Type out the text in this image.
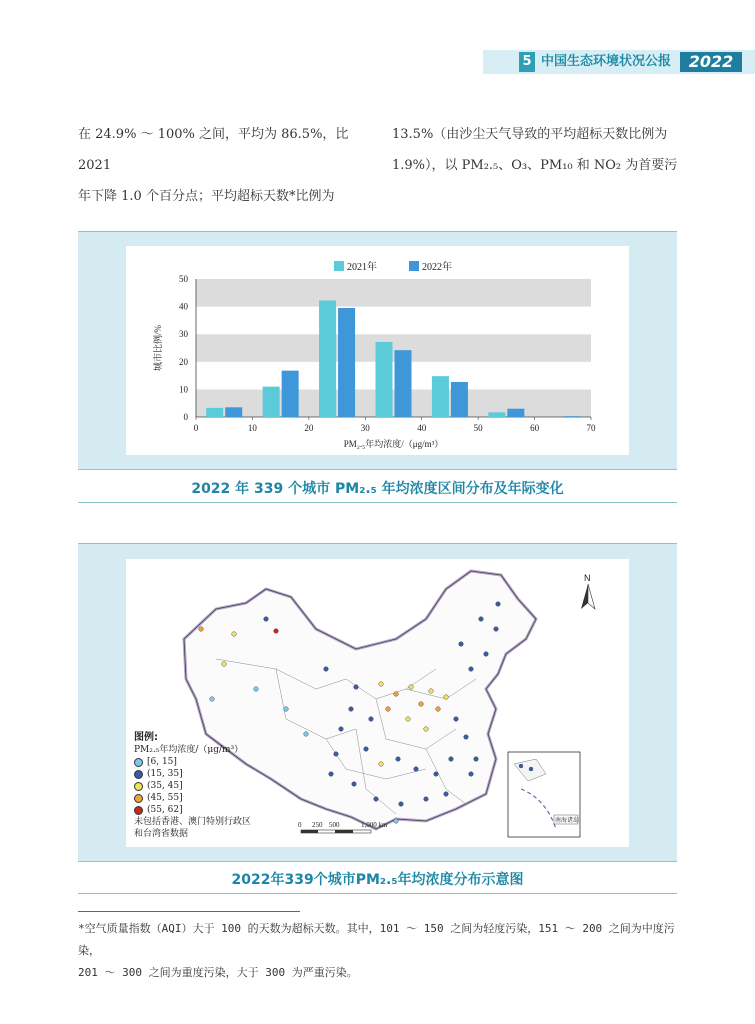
5 中国生态环境状况公报	2022
在 24.9% ～ 100% 之间，平均为 86.5%，比 2021
年下降 1.0 个百分点；平均超标天数*比例为
13.5%（由沙尘天气导致的平均超标天数比例为
1.9%），以 PM₂.₅、O₃、PM₁₀ 和 NO₂ 为首要污
0
10
20
30
40
50
0	10	20	30	40	50	60	70
PM₂.₅年均浓度/（μg/m³）
城市比例/%
2021年	2022年
2022 年 339 个城市 PM₂.₅ 年均浓度区间分布及年际变化
N
0 250 500	1,000 km	南海诸岛
图例:
PM₂.₅年均浓度/（μg/m³）
[6, 15]
(15, 35]
(35, 45]
(45, 55]
(55, 62]
未包括香港、澳门特别行政区
和台湾省数据
2022年339个城市PM₂.₅年均浓度分布示意图
*空气质量指数（AQI）大于 100 的天数为超标天数。其中，101 ～ 150 之间为轻度污染，151 ～ 200 之间为中度污染，
201 ～ 300 之间为重度污染，大于 300 为严重污染。
